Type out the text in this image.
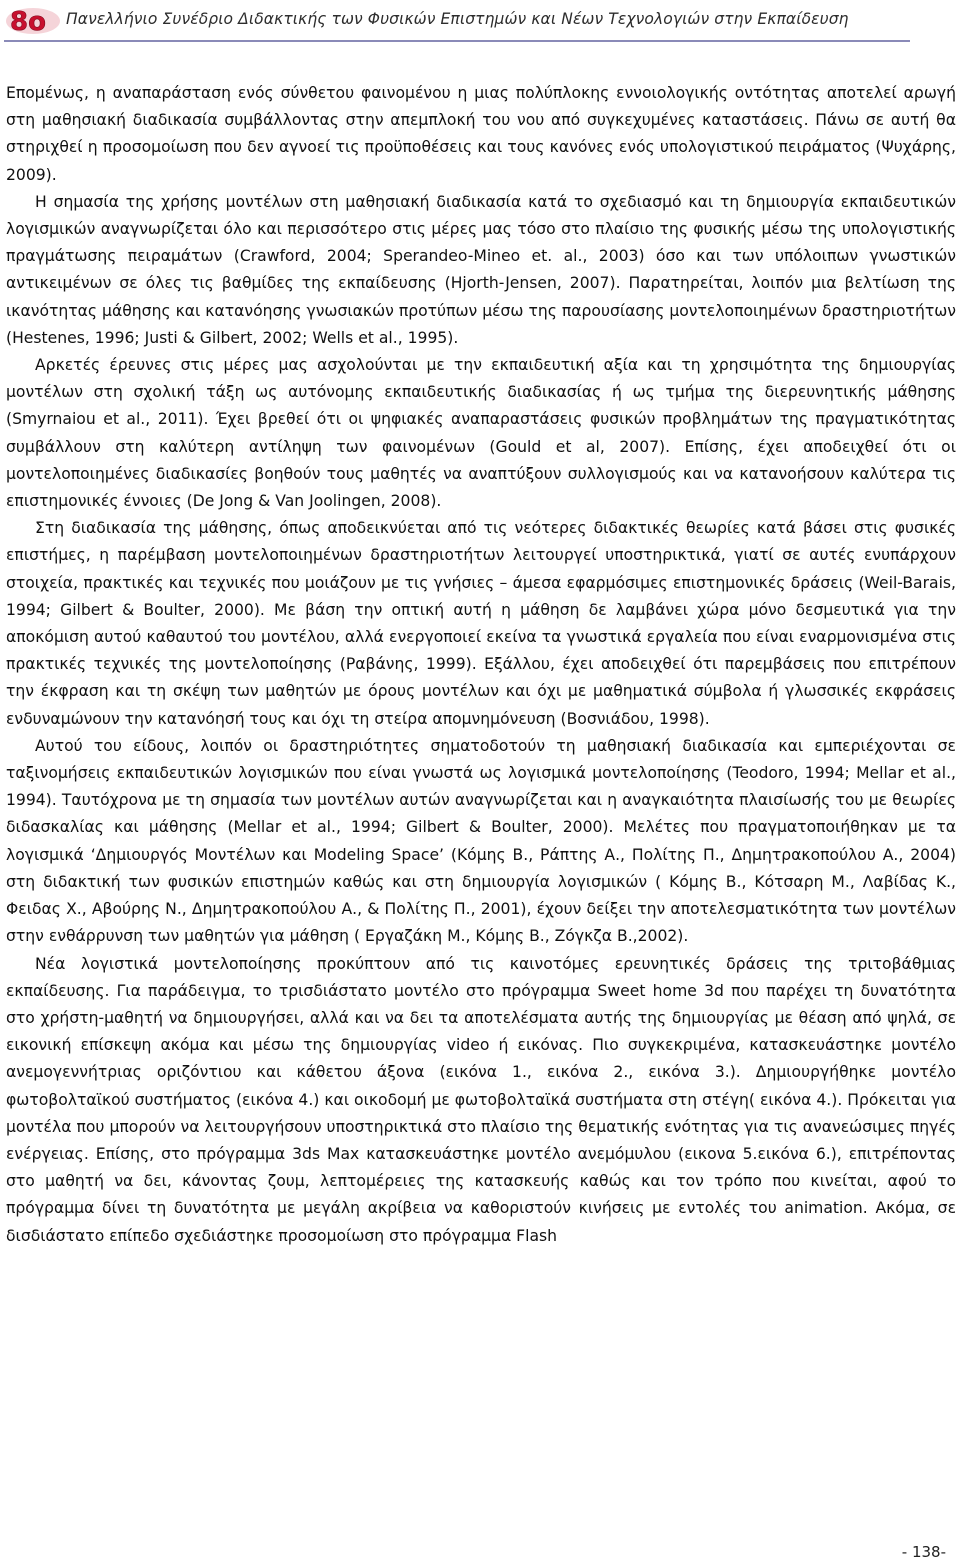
8ο Πανελλήνιο Συνέδριο Διδακτικής των Φυσικών Επιστημών και Νέων Τεχνολογιών στην Εκπαίδευση

Επομένως, η αναπαράσταση ενός σύνθετου φαινομένου η μιας πολύπλοκης εννοιολογικής οντότητας αποτελεί αρωγή στη μαθησιακή διαδικασία συμβάλλοντας στην απεμπλοκή του νου από συγκεχυμένες καταστάσεις. Πάνω σε αυτή θα στηριχθεί η προσομοίωση που δεν αγνοεί τις προϋποθέσεις και τους κανόνες ενός υπολογιστικού πειράματος (Ψυχάρης, 2009).

Η σημασία της χρήσης μοντέλων στη μαθησιακή διαδικασία κατά το σχεδιασμό και τη δημιουργία εκπαιδευτικών λογισμικών αναγνωρίζεται όλο και περισσότερο στις μέρες μας τόσο στο πλαίσιο της φυσικής μέσω της υπολογιστικής πραγμάτωσης πειραμάτων (Crawford, 2004; Sperandeo-Mineo et. al., 2003) όσο και των υπόλοιπων γνωστικών αντικειμένων σε όλες τις βαθμίδες της εκπαίδευσης (Hjorth-Jensen, 2007). Παρατηρείται, λοιπόν μια βελτίωση της ικανότητας μάθησης και κατανόησης γνωσιακών προτύπων μέσω της παρουσίασης μοντελοποιημένων δραστηριοτήτων (Hestenes, 1996; Justi & Gilbert, 2002; Wells et al., 1995).

Αρκετές έρευνες στις μέρες μας ασχολούνται με την εκπαιδευτική αξία και τη χρησιμότητα της δημιουργίας μοντέλων στη σχολική τάξη ως αυτόνομης εκπαιδευτικής διαδικασίας ή ως τμήμα της διερευνητικής μάθησης (Smyrnaiou et al., 2011). Έχει βρεθεί ότι οι ψηφιακές αναπαραστάσεις φυσικών προβλημάτων της πραγματικότητας συμβάλλουν στη καλύτερη αντίληψη των φαινομένων (Gould et al, 2007). Επίσης, έχει αποδειχθεί ότι οι μοντελοποιημένες διαδικασίες βοηθούν τους μαθητές να αναπτύξουν συλλογισμούς και να κατανοήσουν καλύτερα τις επιστημονικές έννοιες (De Jong & Van Joolingen, 2008).

Στη διαδικασία της μάθησης, όπως αποδεικνύεται από τις νεότερες διδακτικές θεωρίες κατά βάσει στις φυσικές επιστήμες, η παρέμβαση μοντελοποιημένων δραστηριοτήτων λειτουργεί υποστηρικτικά, γιατί σε αυτές ενυπάρχουν στοιχεία, πρακτικές και τεχνικές που μοιάζουν με τις γνήσιες – άμεσα εφαρμόσιμες επιστημονικές δράσεις (Weil-Barais, 1994; Gilbert & Boulter, 2000). Με βάση την οπτική αυτή η μάθηση δε λαμβάνει χώρα μόνο δεσμευτικά για την αποκόμιση αυτού καθαυτού του μοντέλου, αλλά ενεργοποιεί εκείνα τα γνωστικά εργαλεία που είναι εναρμονισμένα στις πρακτικές τεχνικές της μοντελοποίησης (Ραβάνης, 1999). Εξάλλου, έχει αποδειχθεί ότι παρεμβάσεις που επιτρέπουν την έκφραση και τη σκέψη των μαθητών με όρους μοντέλων και όχι με μαθηματικά σύμβολα ή γλωσσικές εκφράσεις ενδυναμώνουν την κατανόησή τους και όχι τη στείρα απομνημόνευση (Βοσνιάδου, 1998).

Αυτού του είδους, λοιπόν οι δραστηριότητες σηματοδοτούν τη μαθησιακή διαδικασία και εμπεριέχονται σε ταξινομήσεις εκπαιδευτικών λογισμικών που είναι γνωστά ως λογισμικά μοντελοποίησης (Teodoro, 1994; Mellar et al., 1994). Ταυτόχρονα με τη σημασία των μοντέλων αυτών αναγνωρίζεται και η αναγκαιότητα πλαισίωσής του με θεωρίες διδασκαλίας και μάθησης (Mellar et al., 1994; Gilbert & Boulter, 2000). Μελέτες που πραγματοποιήθηκαν με τα λογισμικά ‘Δημιουργός Μοντέλων και Modeling Space’ (Κόμης Β., Ράπτης Α., Πολίτης Π., Δημητρακοπούλου Α., 2004) στη διδακτική των φυσικών επιστημών καθώς και στη δημιουργία λογισμικών ( Κόμης Β., Κότσαρη Μ., Λαβίδας Κ., Φειδας Χ., Αβούρης Ν., Δημητρακοπούλου Α., & Πολίτης Π., 2001), έχουν δείξει την αποτελεσματικότητα των μοντέλων στην ενθάρρυνση των μαθητών για μάθηση ( Εργαζάκη Μ., Κόμης Β., Ζόγκζα Β.,2002).

Νέα λογιστικά μοντελοποίησης προκύπτουν από τις καινοτόμες ερευνητικές δράσεις της τριτοβάθμιας εκπαίδευσης. Για παράδειγμα, το τρισδιάστατο μοντέλο στο πρόγραμμα Sweet home 3d που παρέχει τη δυνατότητα στο χρήστη-μαθητή να δημιουργήσει, αλλά και να δει τα αποτελέσματα αυτής της δημιουργίας με θέαση από ψηλά, σε εικονική επίσκεψη ακόμα και μέσω της δημιουργίας video ή εικόνας. Πιο συγκεκριμένα, κατασκευάστηκε μοντέλο ανεμογεννήτριας οριζόντιου και κάθετου άξονα (εικόνα 1., εικόνα 2., εικόνα 3.). Δημιουργήθηκε μοντέλο φωτοβολταϊκού συστήματος (εικόνα 4.) και οικοδομή με φωτοβολταϊκά συστήματα στη στέγη( εικόνα 4.). Πρόκειται για μοντέλα που μπορούν να λειτουργήσουν υποστηρικτικά στο πλαίσιο της θεματικής ενότητας για τις ανανεώσιμες πηγές ενέργειας. Επίσης, στο πρόγραμμα 3ds Max κατασκευάστηκε μοντέλο ανεμόμυλου (εικονα 5.εικόνα 6.), επιτρέποντας στο μαθητή να δει, κάνοντας ζουμ, λεπτομέρειες της κατασκευής καθώς και τον τρόπο που κινείται, αφού το πρόγραμμα δίνει τη δυνατότητα με μεγάλη ακρίβεια να καθοριστούν κινήσεις με εντολές του animation. Ακόμα, σε δισδιάστατο επίπεδο σχεδιάστηκε προσομοίωση στο πρόγραμμα Flash

- 138-
